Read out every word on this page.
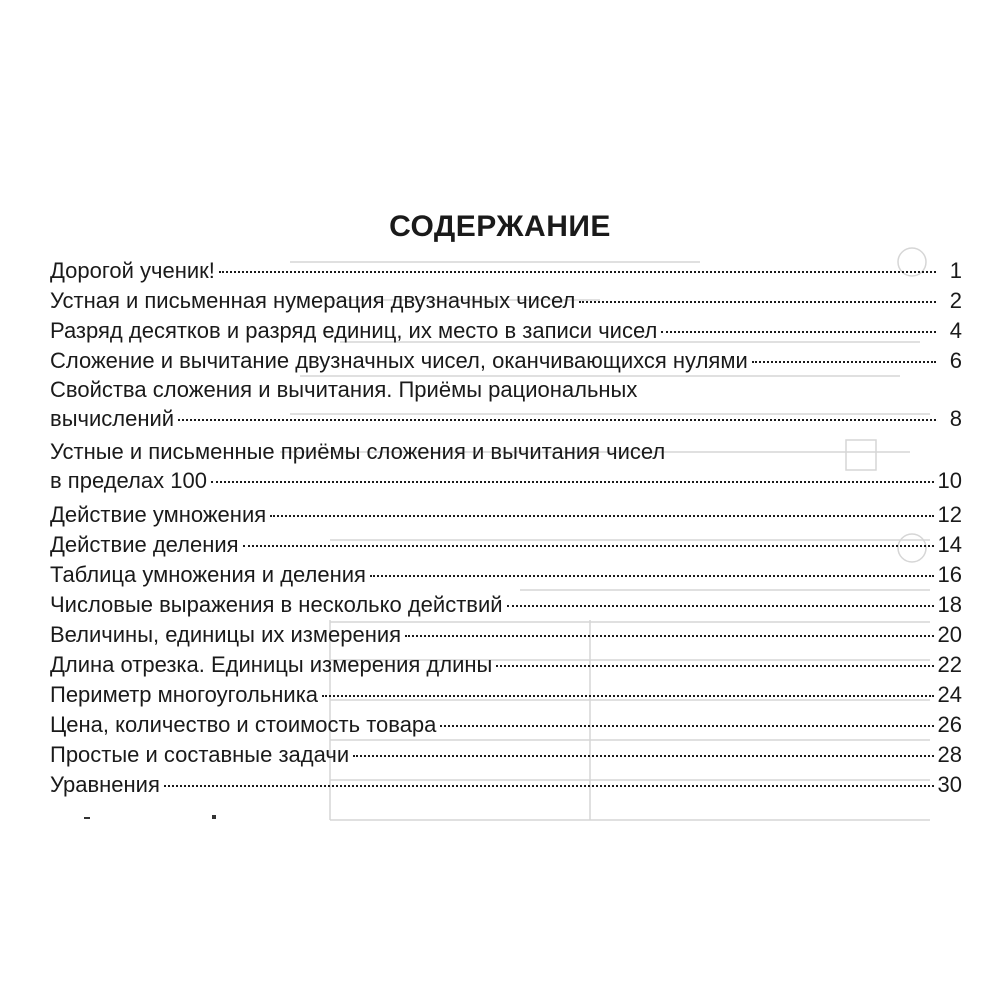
СОДЕРЖАНИЕ
Дорогой ученик!	1
Устная и письменная нумерация двузначных чисел	2
Разряд десятков и разряд единиц, их место в записи чисел	4
Сложение и вычитание двузначных чисел, оканчивающихся нулями	6
Свойства сложения и вычитания. Приёмы рациональных
вычислений	8
Устные и письменные приёмы сложения и вычитания чисел
в пределах 100	10
Действие умножения	12
Действие деления	14
Таблица умножения и деления	16
Числовые выражения в несколько действий	18
Величины, единицы их измерения	20
Длина отрезка. Единицы измерения длины	22
Периметр многоугольника	24
Цена, количество и стоимость товара	26
Простые и составные задачи	28
Уравнения	30
